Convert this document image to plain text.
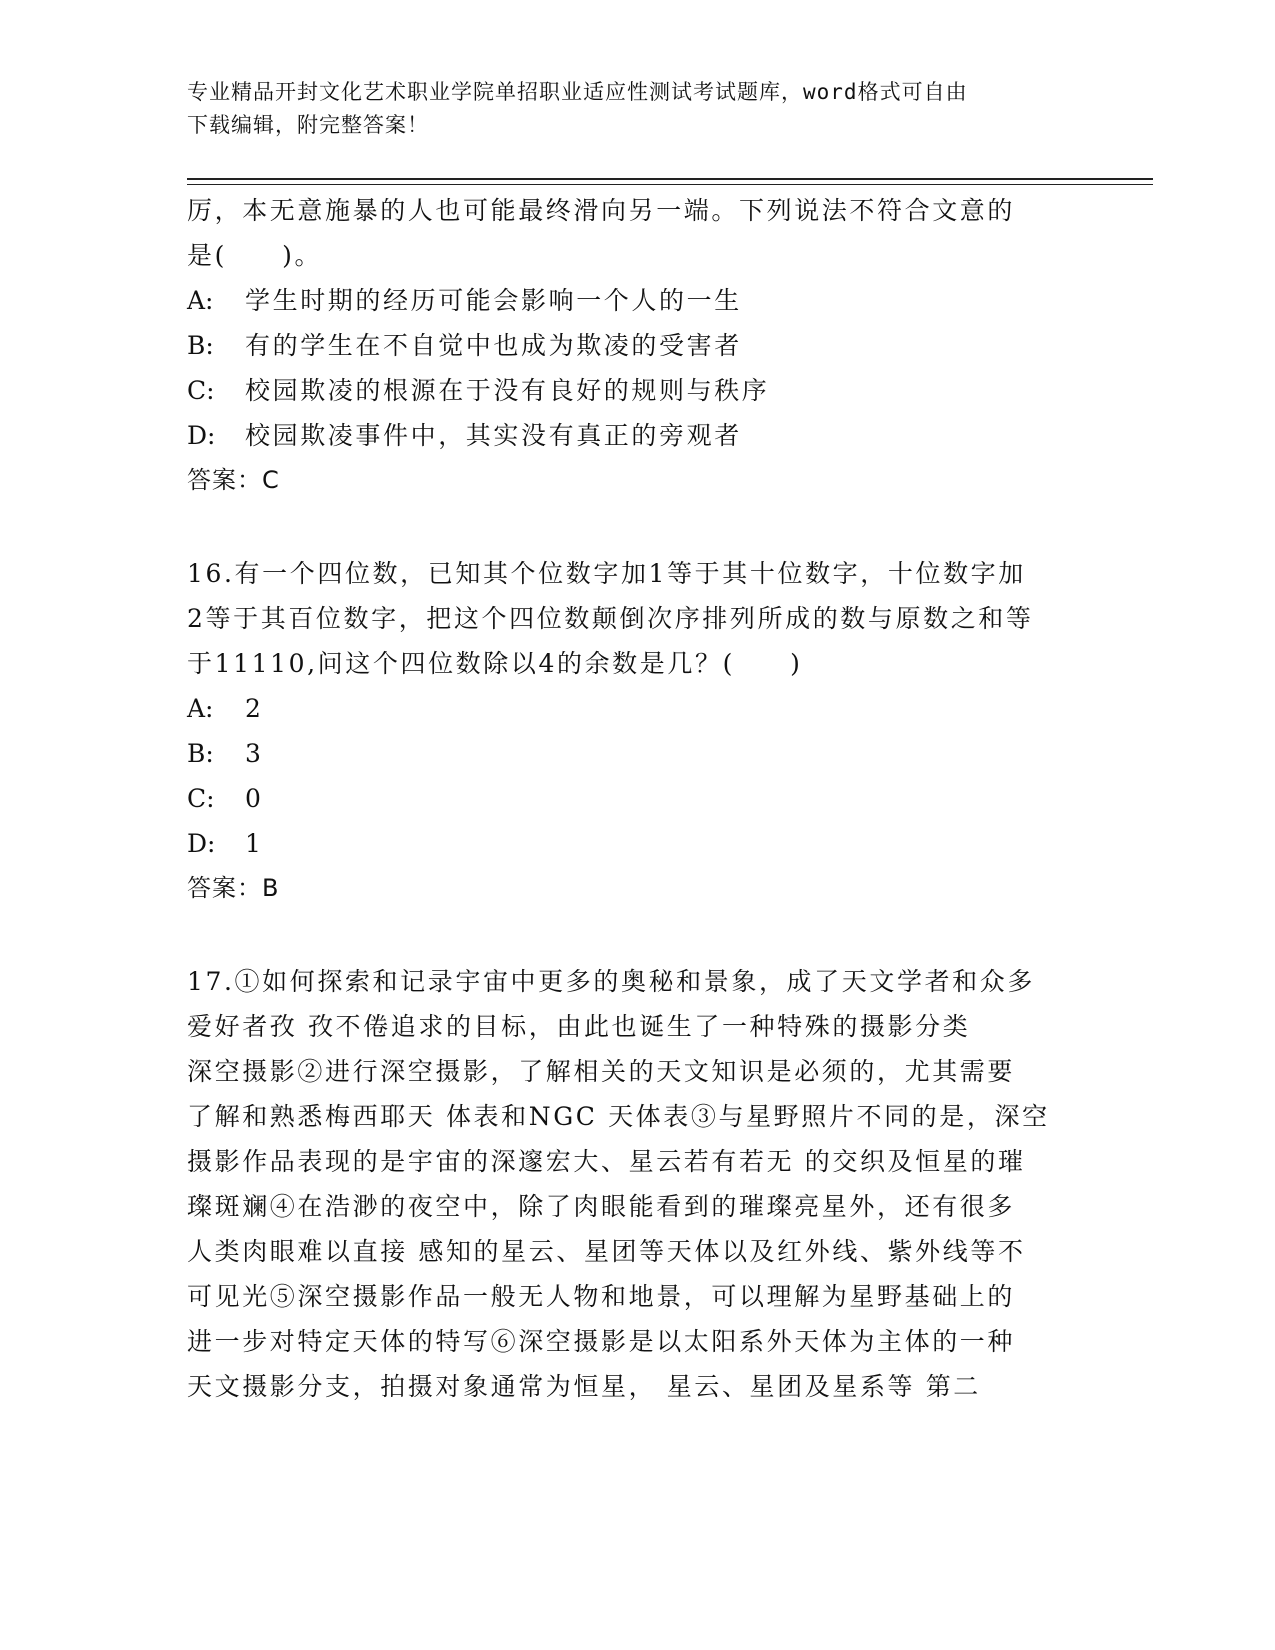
专业精品开封文化艺术职业学院单招职业适应性测试考试题库，word格式可自由
下载编辑，附完整答案！
厉，本无意施暴的人也可能最终滑向另一端。下列说法不符合文意的
是(　　)。
A: 学生时期的经历可能会影响一个人的一生
B: 有的学生在不自觉中也成为欺凌的受害者
C: 校园欺凌的根源在于没有良好的规则与秩序
D: 校园欺凌事件中，其实没有真正的旁观者
答案：C
16.有一个四位数，已知其个位数字加1等于其十位数字，十位数字加
2等于其百位数字，把这个四位数颠倒次序排列所成的数与原数之和等
于11110,问这个四位数除以4的余数是几？(　　)
A: 2
B: 3
C: 0
D: 1
答案：B
17.①如何探索和记录宇宙中更多的奥秘和景象，成了天文学者和众多
爱好者孜 孜不倦追求的目标，由此也诞生了一种特殊的摄影分类
深空摄影②进行深空摄影，了解相关的天文知识是必须的，尤其需要
了解和熟悉梅西耶天 体表和NGC 天体表③与星野照片不同的是，深空
摄影作品表现的是宇宙的深邃宏大、星云若有若无 的交织及恒星的璀
璨斑斓④在浩渺的夜空中，除了肉眼能看到的璀璨亮星外，还有很多
人类肉眼难以直接 感知的星云、星团等天体以及红外线、紫外线等不
可见光⑤深空摄影作品一般无人物和地景，可以理解为星野基础上的
进一步对特定天体的特写⑥深空摄影是以太阳系外天体为主体的一种
天文摄影分支，拍摄对象通常为恒星， 星云、星团及星系等 第二
